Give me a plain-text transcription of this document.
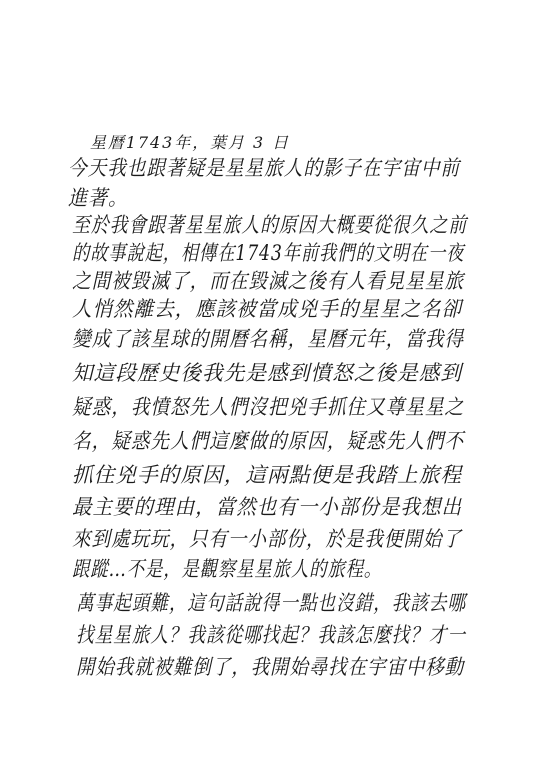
星曆1743年，葉月 3 日
今天我也跟著疑是星星旅人的影子在宇宙中前
進著。
至於我會跟著星星旅人的原因大概要從很久之前
的故事說起，相傳在1743年前我們的文明在一夜
之間被毀滅了，而在毀滅之後有人看見星星旅
人悄然離去，應該被當成兇手的星星之名卻
變成了該星球的開曆名稱，星曆元年，當我得
知這段歷史後我先是感到憤怒之後是感到
疑惑，我憤怒先人們沒把兇手抓住又尊星星之
名，疑惑先人們這麼做的原因，疑惑先人們不
抓住兇手的原因，這兩點便是我踏上旅程
最主要的理由，當然也有一小部份是我想出
來到處玩玩，只有一小部份，於是我便開始了
跟蹤…不是，是觀察星星旅人的旅程。
萬事起頭難，這句話說得一點也沒錯，我該去哪
找星星旅人？我該從哪找起？我該怎麼找？才一
開始我就被難倒了，我開始尋找在宇宙中移動
